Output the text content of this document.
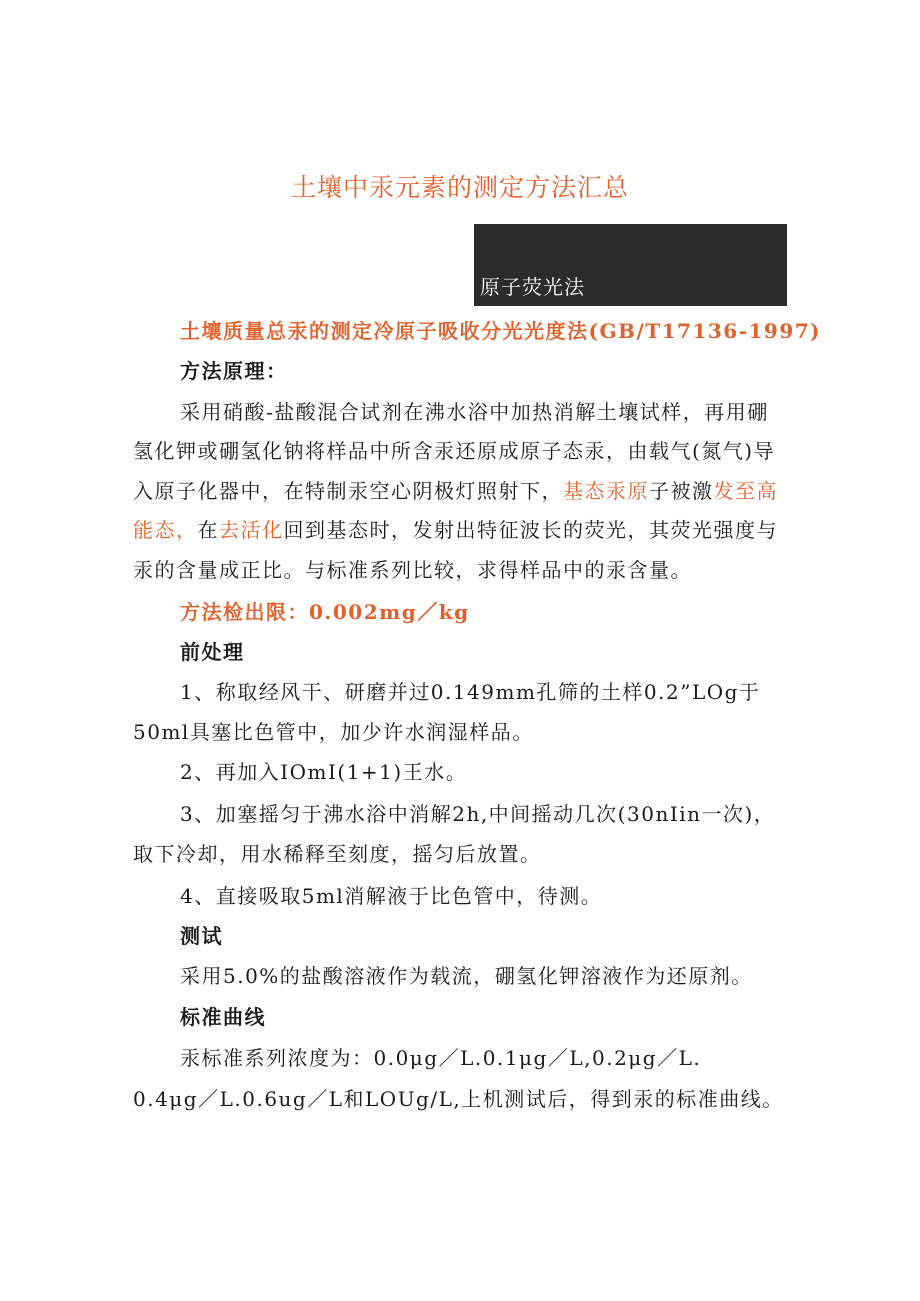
土壤中汞元素的测定方法汇总
原子荧光法
土壤质量总汞的测定冷原子吸收分光光度法(GB/T17136-1997)
方法原理：
采用硝酸-盐酸混合试剂在沸水浴中加热消解土壤试样，再用硼
氢化钾或硼氢化钠将样品中所含汞还原成原子态汞，由载气(氮气)导
入原子化器中，在特制汞空心阴极灯照射下，基态汞原子被激发至高
能态，在去活化回到基态时，发射出特征波长的荧光，其荧光强度与
汞的含量成正比。与标准系列比较，求得样品中的汞含量。
方法检出限：0.002mg／kg
前处理
1、称取经风干、研磨并过0.149mm孔筛的土样0.2”LOg于
50ml具塞比色管中，加少许水润湿样品。
2、再加入IOmI(1+1)王水。
3、加塞摇匀于沸水浴中消解2h,中间摇动几次(30nIin一次)，
取下冷却，用水稀释至刻度，摇匀后放置。
4、直接吸取5ml消解液于比色管中，待测。
测试
采用5.0%的盐酸溶液作为载流，硼氢化钾溶液作为还原剂。
标准曲线
汞标准系列浓度为：0.0μg／L.0.1μg／L,0.2μg／L.
0.4μg／L.0.6ug／L和LOUg/L,上机测试后，得到汞的标准曲线。
